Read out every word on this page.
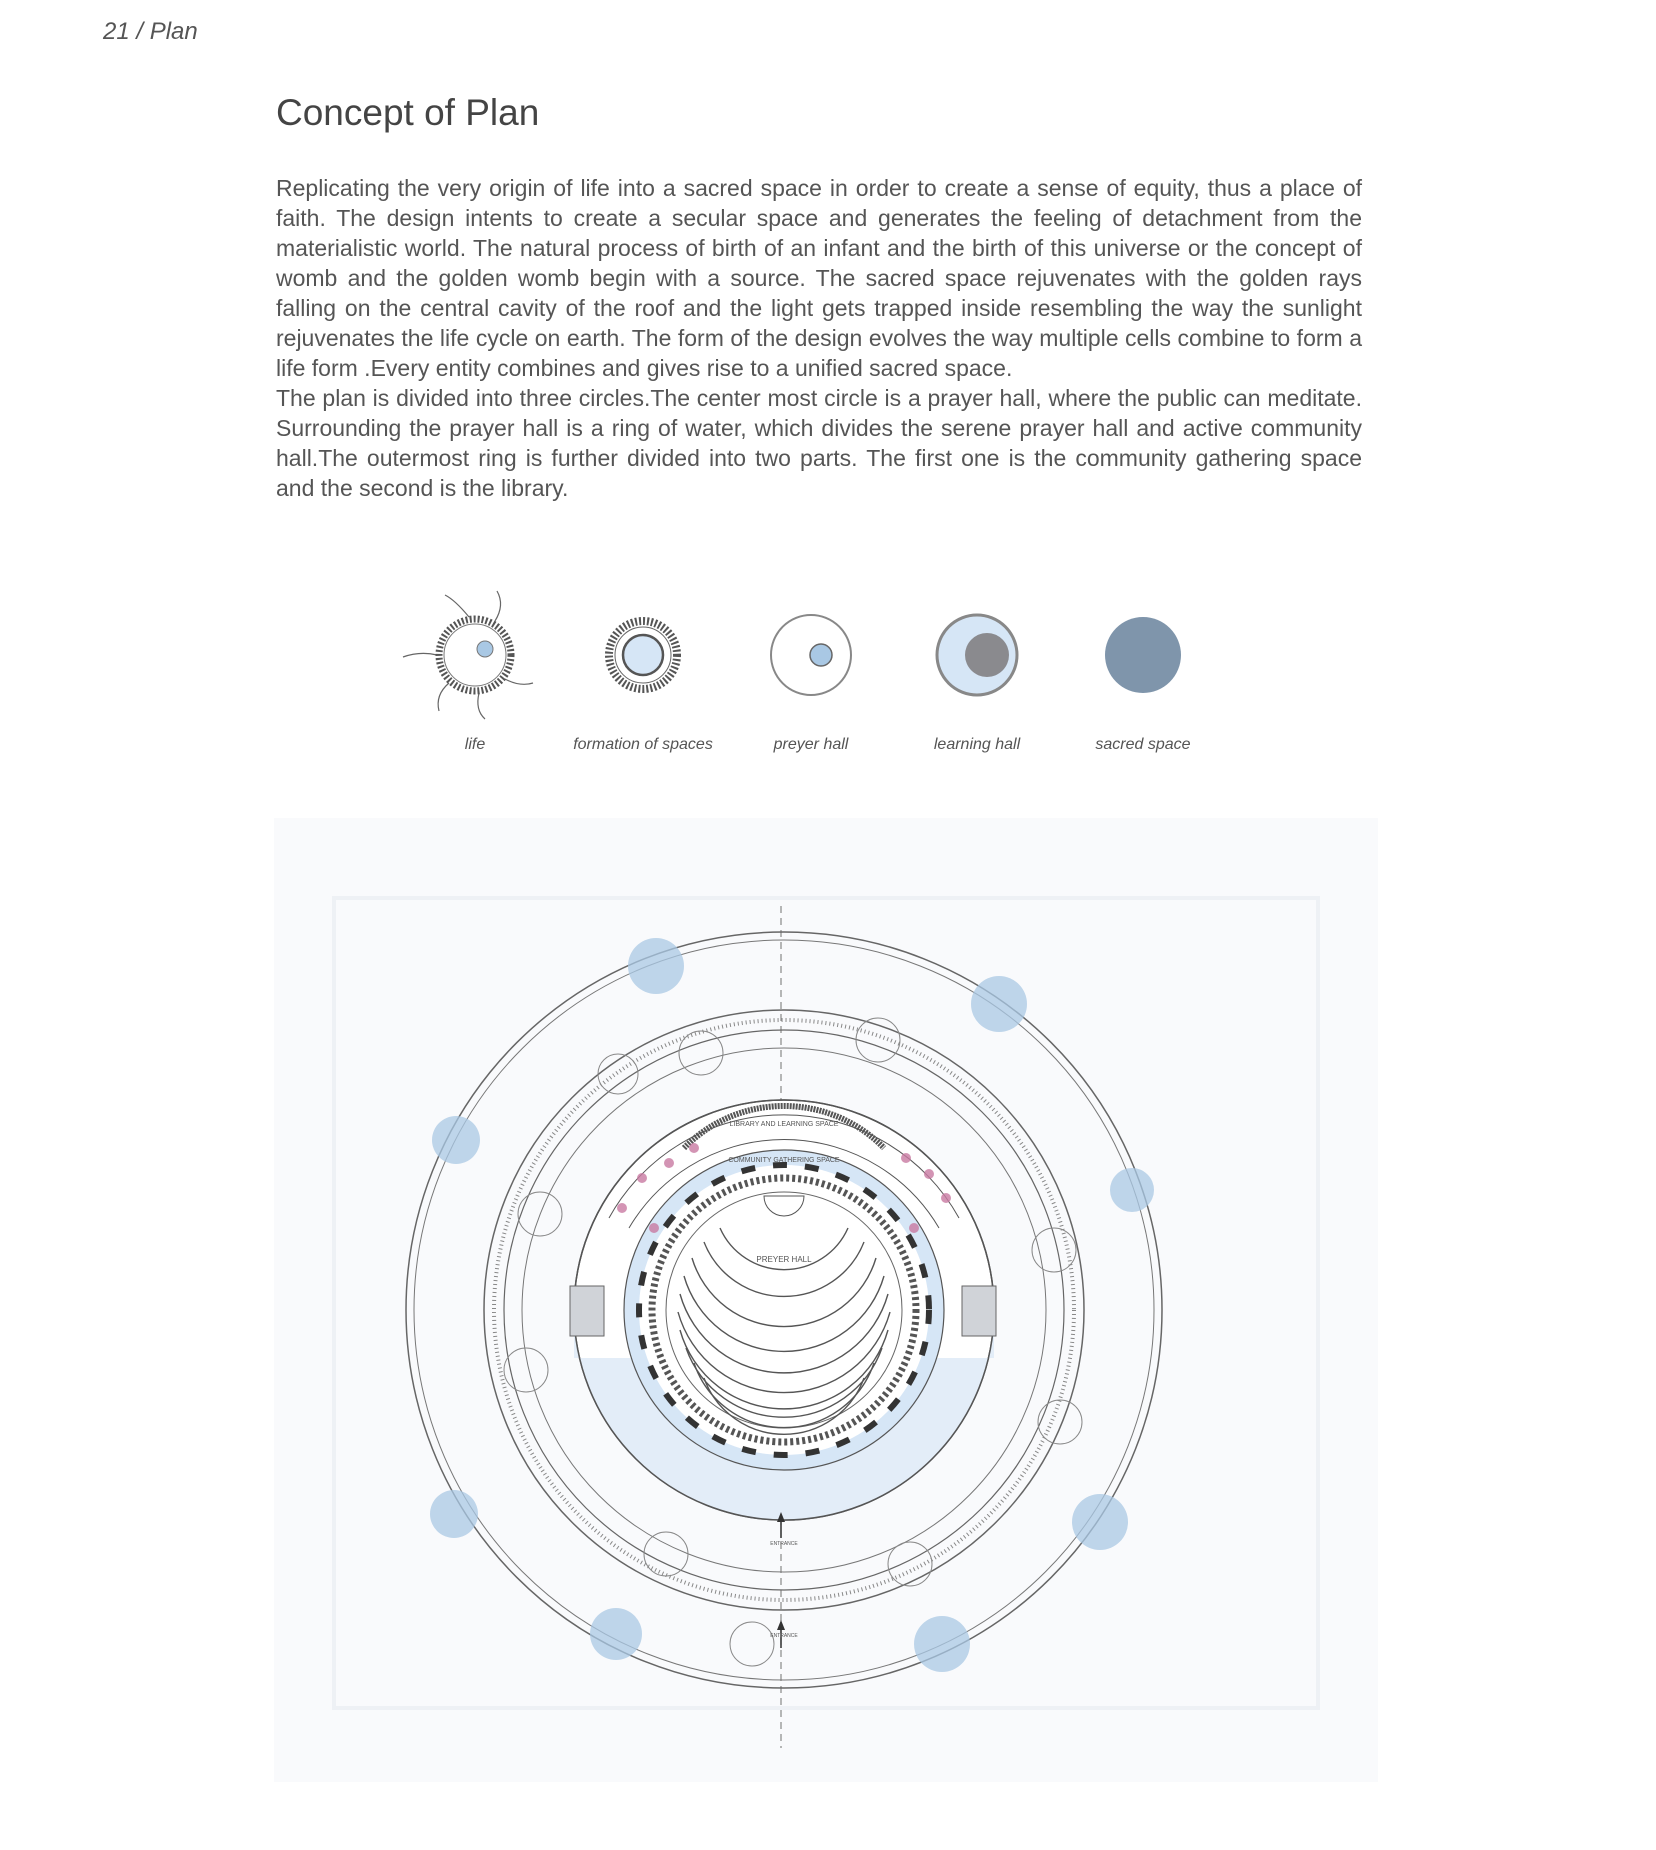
21 / Plan
Concept of Plan

Replicating the very origin of life into a sacred space in order to create a sense of equity, thus a place of faith. The design intents to create a secular space and generates the feeling of detachment from the materialistic world. The natural process of birth of an infant and the birth of this universe or the concept of womb and the golden womb begin with a source. The sacred space rejuvenates with the golden rays falling on the central cavity of the roof and the light gets trapped inside resembling the way the sunlight rejuvenates the life cycle on earth. The form of the design evolves the way multiple cells combine to form a life form .Every entity combines and gives rise to a unified sacred space.

The plan is divided into three circles.The center most circle is a prayer hall, where the public can meditate. Surrounding the prayer hall is a ring of water, which divides the serene prayer hall and active community hall.The outermost ring is further divided into two parts. The first one is the community gathering space and the second is the library.

life	formation of spaces	preyer hall	learning hall	sacred space
LIBRARY AND LEARNING SPACE
COMMUNITY GATHERING SPACE
PREYER HALL
ENTRANCE
ENTRANCE
